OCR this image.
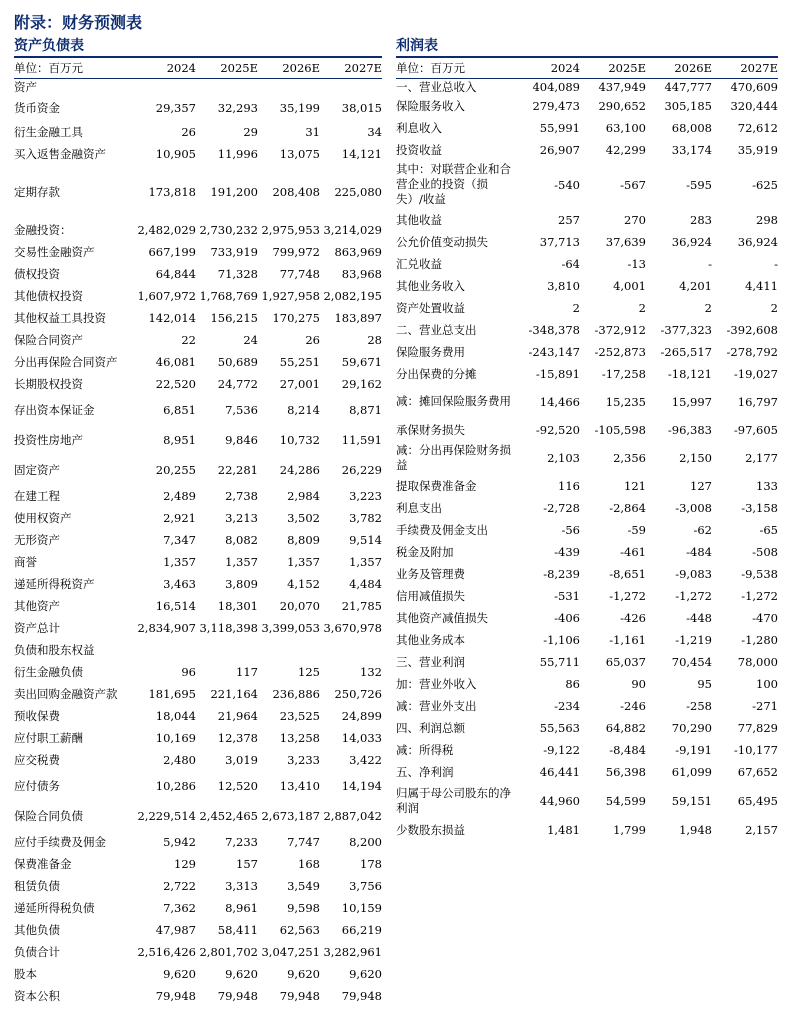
附录：财务预测表
资产负债表
单位：百万元	2024	2025E	2026E	2027E
资产				
货币资金	29,357	32,293	35,199	38,015
衍生金融工具	26	29	31	34
买入返售金融资产	10,905	11,996	13,075	14,121
定期存款	173,818	191,200	208,408	225,080
金融投资：	2,482,029	2,730,232	2,975,953	3,214,029
交易性金融资产	667,199	733,919	799,972	863,969
债权投资	64,844	71,328	77,748	83,968
其他债权投资	1,607,972	1,768,769	1,927,958	2,082,195
其他权益工具投资	142,014	156,215	170,275	183,897
保险合同资产	22	24	26	28
分出再保险合同资产	46,081	50,689	55,251	59,671
长期股权投资	22,520	24,772	27,001	29,162
存出资本保证金	6,851	7,536	8,214	8,871
投资性房地产	8,951	9,846	10,732	11,591
固定资产	20,255	22,281	24,286	26,229
在建工程	2,489	2,738	2,984	3,223
使用权资产	2,921	3,213	3,502	3,782
无形资产	7,347	8,082	8,809	9,514
商誉	1,357	1,357	1,357	1,357
递延所得税资产	3,463	3,809	4,152	4,484
其他资产	16,514	18,301	20,070	21,785
资产总计	2,834,907	3,118,398	3,399,053	3,670,978
负债和股东权益				
衍生金融负债	96	117	125	132
卖出回购金融资产款	181,695	221,164	236,886	250,726
预收保费	18,044	21,964	23,525	24,899
应付职工薪酬	10,169	12,378	13,258	14,033
应交税费	2,480	3,019	3,233	3,422
应付债务	10,286	12,520	13,410	14,194
保险合同负债	2,229,514	2,452,465	2,673,187	2,887,042
应付手续费及佣金	5,942	7,233	7,747	8,200
保费准备金	129	157	168	178
租赁负债	2,722	3,313	3,549	3,756
递延所得税负债	7,362	8,961	9,598	10,159
其他负债	47,987	58,411	62,563	66,219
负债合计	2,516,426	2,801,702	3,047,251	3,282,961
股本	9,620	9,620	9,620	9,620
资本公积	79,948	79,948	79,948	79,948
利润表
单位：百万元	2024	2025E	2026E	2027E
一、营业总收入	404,089	437,949	447,777	470,609
保险服务收入	279,473	290,652	305,185	320,444
利息收入	55,991	63,100	68,008	72,612
投资收益	26,907	42,299	33,174	35,919
其中：对联营企业和合营企业的投资（损失）/收益	-540	-567	-595	-625
其他收益	257	270	283	298
公允价值变动损失	37,713	37,639	36,924	36,924
汇兑收益	-64	-13	-	-
其他业务收入	3,810	4,001	4,201	4,411
资产处置收益	2	2	2	2
二、营业总支出	-348,378	-372,912	-377,323	-392,608
保险服务费用	-243,147	-252,873	-265,517	-278,792
分出保费的分摊	-15,891	-17,258	-18,121	-19,027
减：摊回保险服务费用	14,466	15,235	15,997	16,797
承保财务损失	-92,520	-105,598	-96,383	-97,605
减：分出再保险财务损益	2,103	2,356	2,150	2,177
提取保费准备金	116	121	127	133
利息支出	-2,728	-2,864	-3,008	-3,158
手续费及佣金支出	-56	-59	-62	-65
税金及附加	-439	-461	-484	-508
业务及管理费	-8,239	-8,651	-9,083	-9,538
信用减值损失	-531	-1,272	-1,272	-1,272
其他资产减值损失	-406	-426	-448	-470
其他业务成本	-1,106	-1,161	-1,219	-1,280
三、营业利润	55,711	65,037	70,454	78,000
加：营业外收入	86	90	95	100
减：营业外支出	-234	-246	-258	-271
四、利润总额	55,563	64,882	70,290	77,829
减：所得税	-9,122	-8,484	-9,191	-10,177
五、净利润	46,441	56,398	61,099	67,652
归属于母公司股东的净利润	44,960	54,599	59,151	65,495
少数股东损益	1,481	1,799	1,948	2,157
